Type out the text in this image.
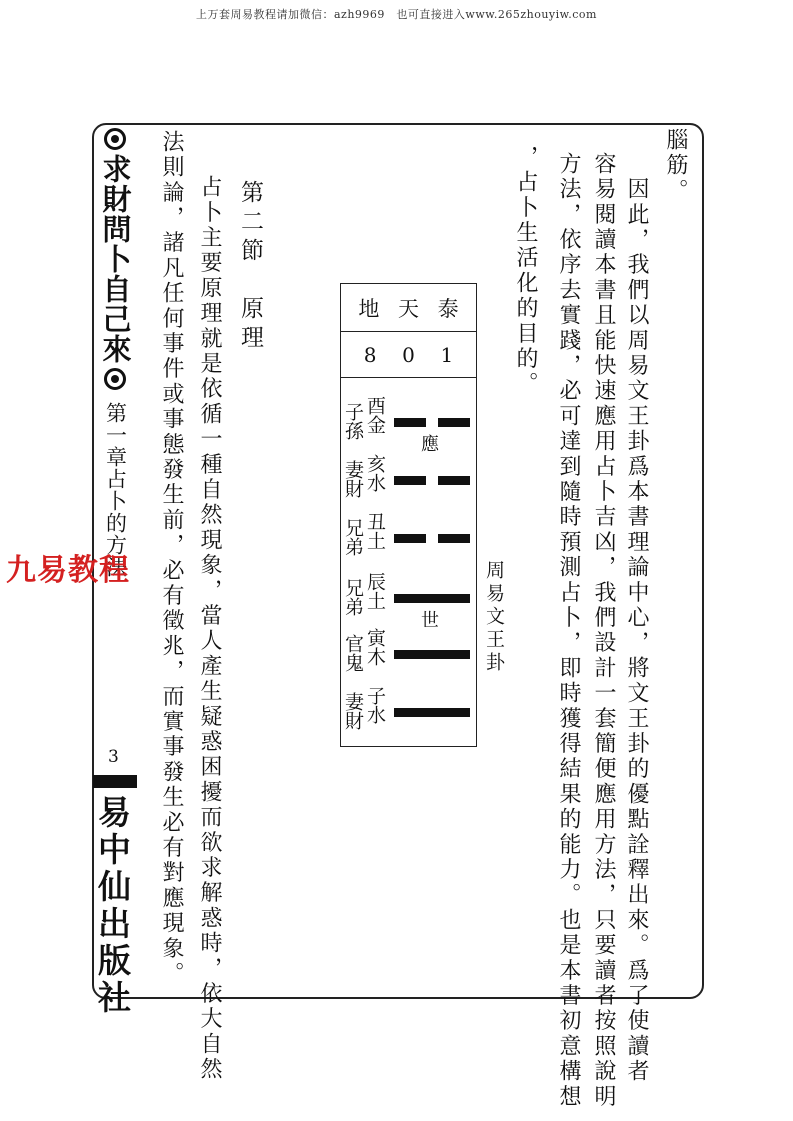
上万套周易教程请加微信：azh9969　也可直接进入www.265zhouyiw.com
求財問卜自己來
第一章占卜的方法
3
易中仙出版社
九易教程
腦筋。
　因此，我們以周易文王卦爲本書理論中心，將文王卦的優點詮釋出來。爲了使讀者
容易閱讀本書且能快速應用占卜吉凶，我們設計一套簡便應用方法，只要讀者按照說明
方法，依序去實踐，必可達到隨時預測占卜，即時獲得結果的能力。也是本書初意構想
，占卜生活化的目的。
周易文王卦
地 天 泰
8 0 1
子孫 酉金
應
妻財 亥水
兄弟 丑土
兄弟 辰土
世
官鬼 寅木
妻財 子水
第二節　原理
　占卜主要原理就是依循一種自然現象，當人產生疑惑困擾而欲求解惑時，依大自然
法則論，諸凡任何事件或事態發生前，必有徵兆，而實事發生必有對應現象。
